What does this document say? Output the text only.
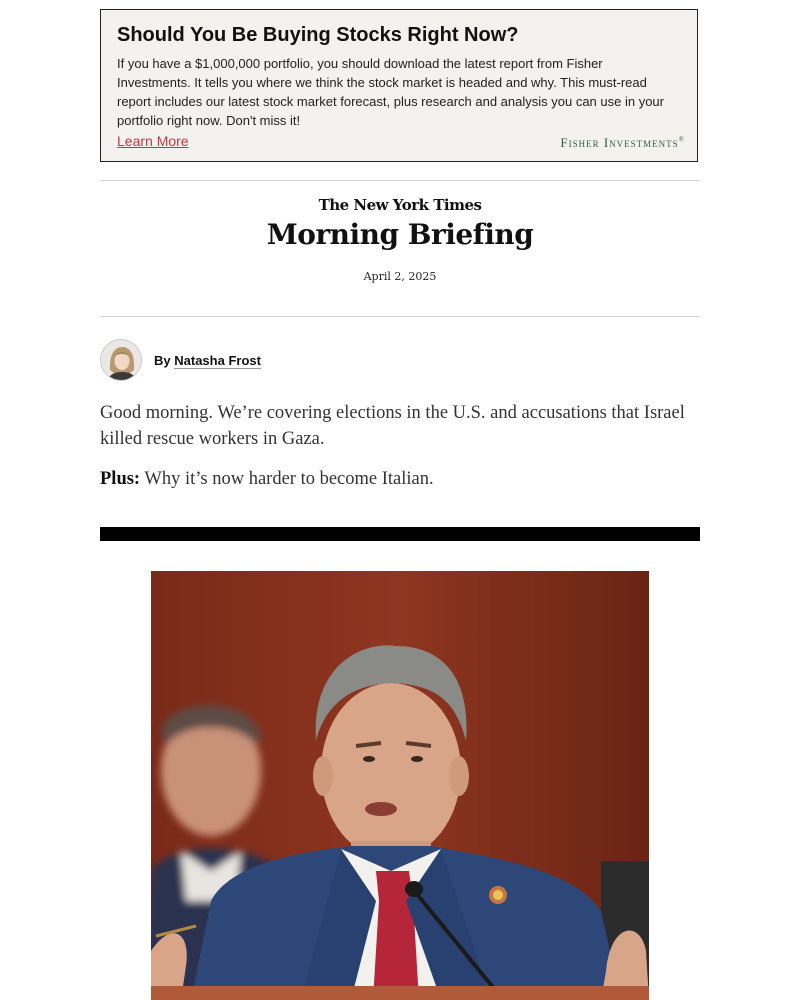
Should You Be Buying Stocks Right Now?

If you have a $1,000,000 portfolio, you should download the latest report from Fisher Investments. It tells you where we think the stock market is headed and why. This must-read report includes our latest stock market forecast, plus research and analysis you can use in your portfolio right now. Don't miss it!

Learn More	Fisher Investments®
The New York Times
Morning Briefing
April 2, 2025
By Natasha Frost

Good morning. We’re covering elections in the U.S. and accusations that Israel killed rescue workers in Gaza.

Plus: Why it’s now harder to become Italian.
